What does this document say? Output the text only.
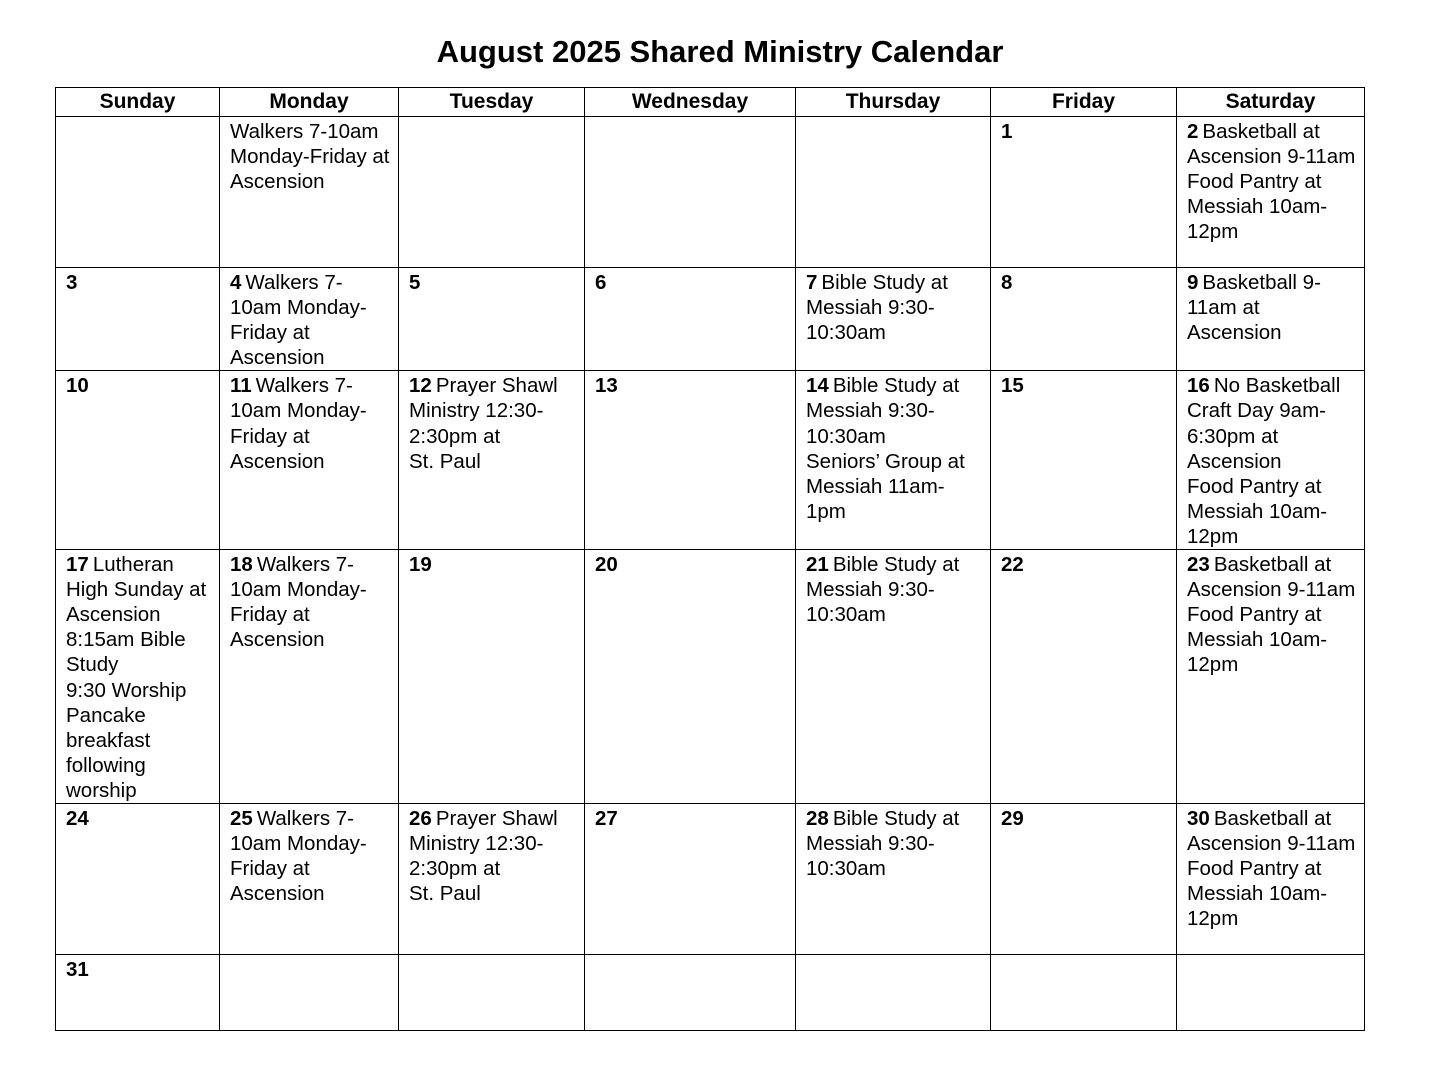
August 2025 Shared Ministry Calendar
Sunday	Monday	Tuesday	Wednesday	Thursday	Friday	Saturday

	Walkers 7-10am Monday-Friday at Ascension				1	2 Basketball at Ascension 9-11am
Food Pantry at Messiah 10am-12pm

3	4 Walkers 7-10am Monday-Friday at Ascension	5	6	7 Bible Study at Messiah 9:30-10:30am	8	9 Basketball 9-11am at Ascension

10	11 Walkers 7-10am Monday-Friday at Ascension	12 Prayer Shawl Ministry 12:30-2:30pm at
St. Paul	13	14 Bible Study at Messiah 9:30-10:30am
Seniors’ Group at Messiah 11am-1pm	15	16 No Basketball
Craft Day 9am-6:30pm at Ascension
Food Pantry at Messiah 10am-12pm

17 Lutheran High Sunday at Ascension
8:15am Bible Study
9:30 Worship
Pancake breakfast following worship	18 Walkers 7-10am Monday-Friday at Ascension	19	20	21 Bible Study at Messiah 9:30-10:30am	22	23 Basketball at Ascension 9-11am
Food Pantry at Messiah 10am-12pm

24	25 Walkers 7-10am Monday-Friday at Ascension	26 Prayer Shawl Ministry 12:30-2:30pm at
St. Paul	27	28 Bible Study at Messiah 9:30-10:30am	29	30 Basketball at Ascension 9-11am
Food Pantry at Messiah 10am-12pm

31						
